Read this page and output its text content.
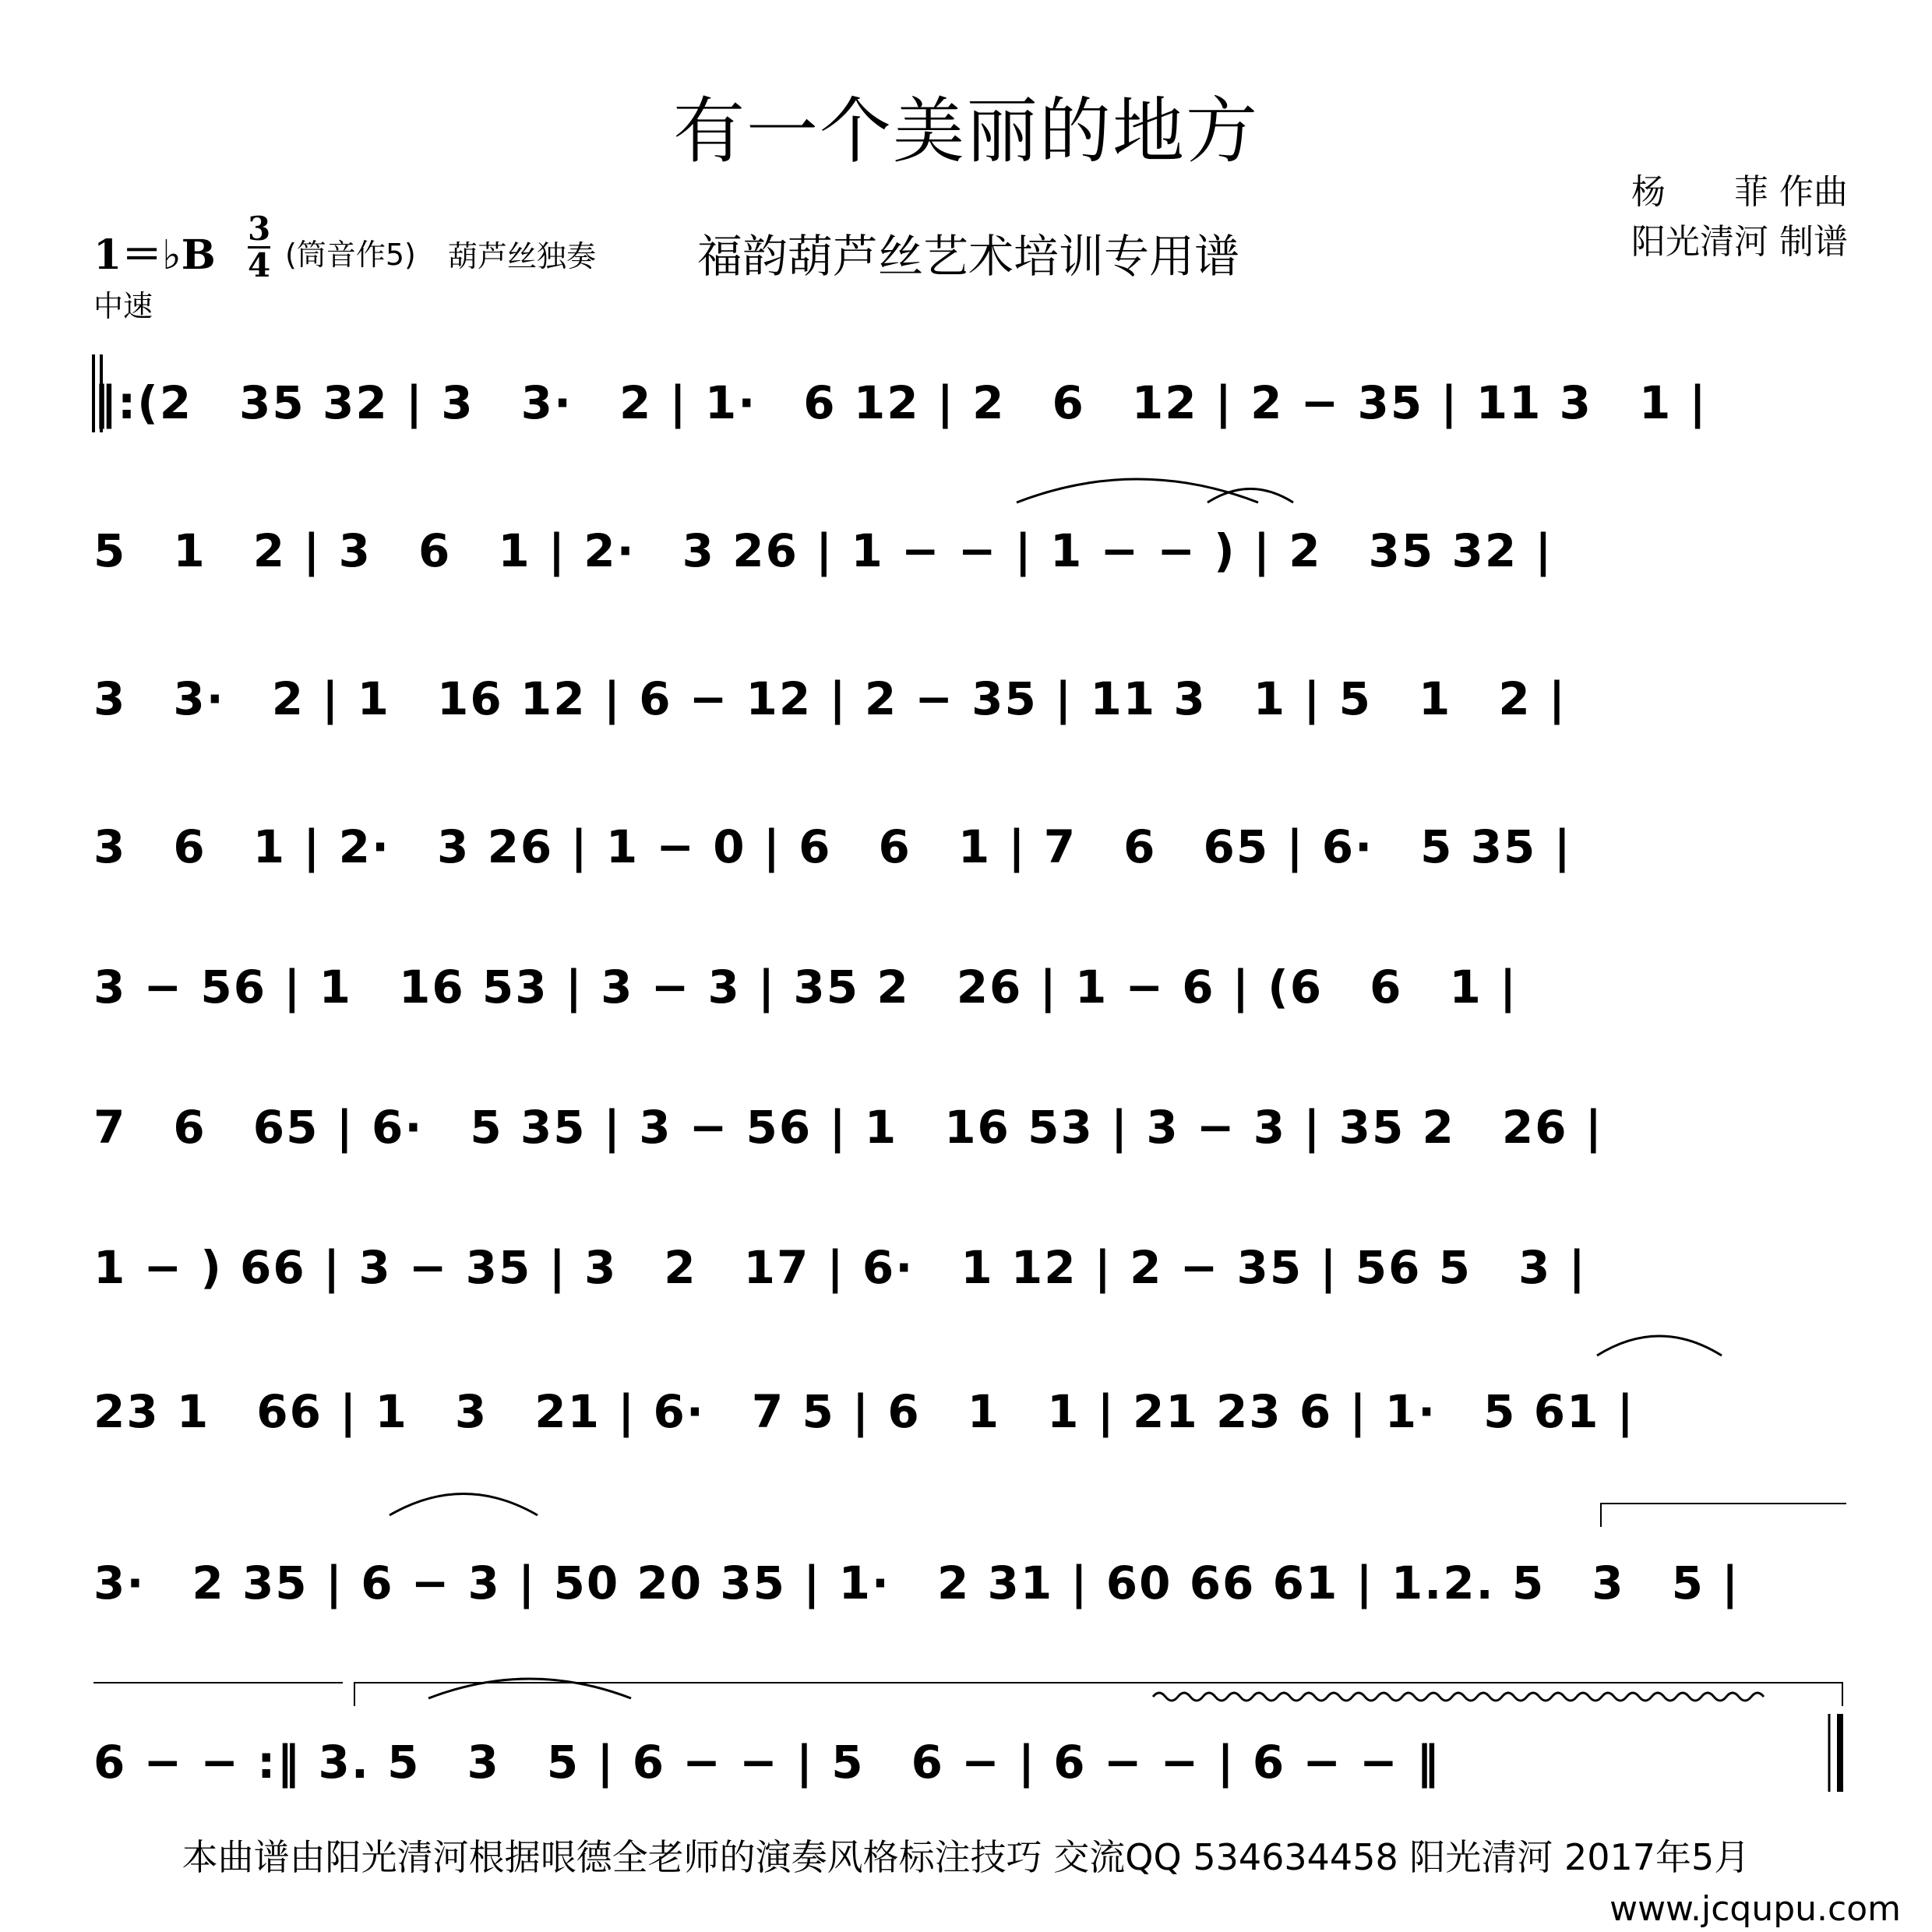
有一个美丽的地方
杨　　菲 作曲
阳光清河 制谱
1＝♭B
3
4 (筒音作5) 葫芦丝独奏 福韵葫芦丝艺术培训专用谱
中速
‖:(2　35 32 | 3　3·　2 | 1·　6 12 | 2　6　12 | 2 − 35 | 11 3　1 |
5　1　2 | 3　6　1 | 2·　3 26 | 1 − − | 1 − − ) | 2　35 32 |
3　3·　2 | 1　16 12 | 6 − 12 | 2 − 35 | 11 3　1 | 5　1　2 |
3　6　1 | 2·　3 26 | 1 − 0 | 6　6　1 | 7　6　65 | 6·　5 35 |
3 − 56 | 1　16 53 | 3 − 3 | 35 2　26 | 1 − 6 | (6　6　1 |
7　6　65 | 6·　5 35 | 3 − 56 | 1　16 53 | 3 − 3 | 35 2　26 |
1 − ) 66 | 3 − 35 | 3　2　17 | 6·　1 12 | 2 − 35 | 56 5　3 |
23 1　66 | 1　3　21 | 6·　7 5 | 6　1　1 | 21 23 6 | 1·　5 61 |
3·　2 35 | 6 − 3 | 50 20 35 | 1·　2 31 | 60 66 61 | 1.2. 5　3　5 |
6 − − :‖ 3. 5　3　5 | 6 − − | 5　6 − | 6 − − | 6 − − ‖
本曲谱由阳光清河根据哏德全老师的演奏风格标注技巧 交流QQ 534634458 阳光清河 2017年5月
www.jcqupu.com
